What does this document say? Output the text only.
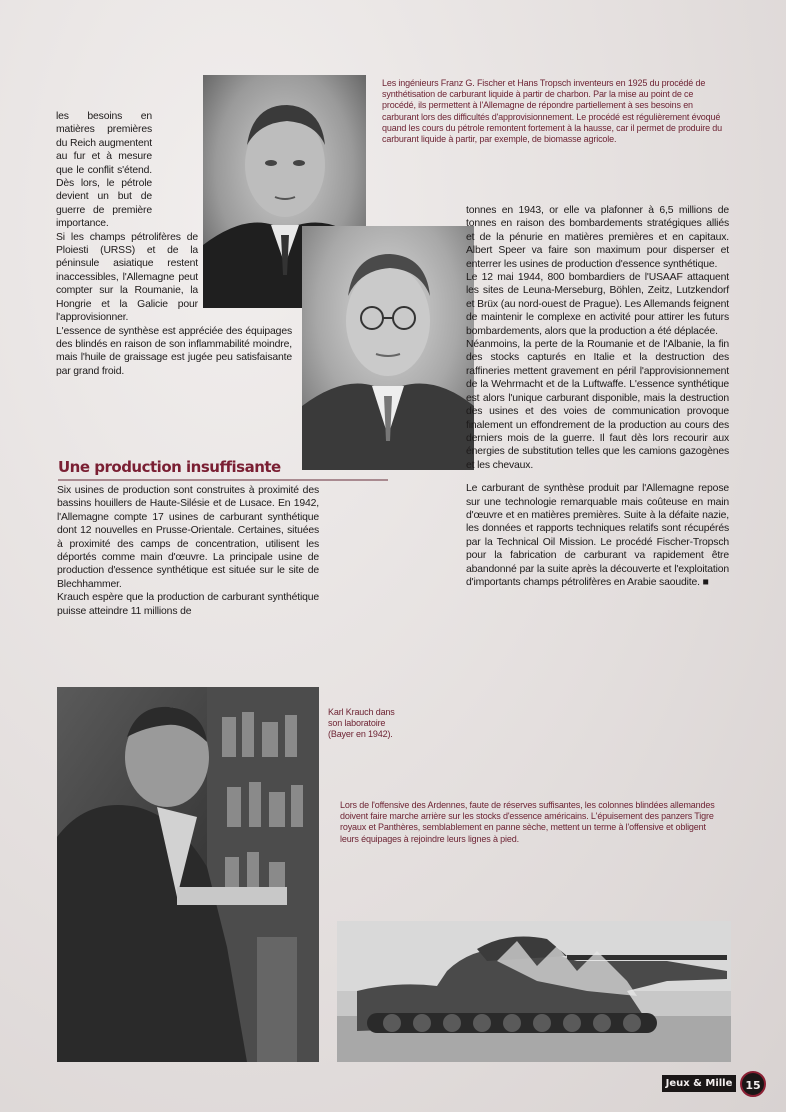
Les ingénieurs Franz G. Fischer et Hans Tropsch inventeurs en 1925 du procédé de synthétisation de carburant liquide à partir de charbon. Par la mise au point de ce procédé, ils permettent à l'Allemagne de répondre partiellement à ses besoins en carburant lors des difficultés d'approvisionnement. Le procédé est régulièrement évoqué quand les cours du pétrole remontent fortement à la hausse, car il permet de produire du carburant liquide à partir, par exemple, de biomasse agricole.
Karl Krauch dans son laboratoire (Bayer en 1942).
Lors de l'offensive des Ardennes, faute de réserves suffisantes, les colonnes blindées allemandes doivent faire marche arrière sur les stocks d'essence américains. L'épuisement des panzers Tigre royaux et Panthères, semblablement en panne sèche, mettent un terme à l'offensive et obligent leurs équipages à rejoindre leurs lignes à pied.

les besoins en matières premières du Reich augmentent au fur et à mesure que le conflit s'étend. Dès lors, le pétrole devient un but de guerre de première importance.

Si les champs pétrolifères de Ploiesti (URSS) et de la péninsule asiatique restent inaccessibles, l'Allemagne peut compter sur la Roumanie, la Hongrie et la Galicie pour l'approvisionner.

L'essence de synthèse est appréciée des équipages des blindés en raison de son inflammabilité moindre, mais l'huile de graissage est jugée peu satisfaisante par grand froid.

Une production insuffisante

Six usines de production sont construites à proximité des bassins houillers de Haute-Silésie et de Lusace. En 1942, l'Allemagne compte 17 usines de carburant synthétique dont 12 nouvelles en Prusse-Orientale. Certaines, situées à proximité des camps de concentration, utilisent les déportés comme main d'œuvre. La principale usine de production d'essence synthétique est située sur le site de Blechhammer.

Krauch espère que la production de carburant synthétique puisse atteindre 11 millions de

tonnes en 1943, or elle va plafonner à 6,5 millions de tonnes en raison des bombardements stratégiques alliés et de la pénurie en matières premières et en capitaux. Albert Speer va faire son maximum pour disperser et enterrer les usines de production d'essence synthétique.

Le 12 mai 1944, 800 bombardiers de l'USAAF attaquent les sites de Leuna-Merseburg, Böhlen, Zeitz, Lutzkendorf et Brüx (au nord-ouest de Prague). Les Allemands feignent de maintenir le complexe en activité pour attirer les futurs bombardements, alors que la production a été déplacée.

Néanmoins, la perte de la Roumanie et de l'Albanie, la fin des stocks capturés en Italie et la destruction des raffineries mettent gravement en péril l'approvisionnement de la Wehrmacht et de la Luftwaffe. L'essence synthétique est alors l'unique carburant disponible, mais la destruction des usines et des voies de communication provoque finalement un effondrement de la production au cours des derniers mois de la guerre. Il faut dès lors recourir aux énergies de substitution telles que les camions gazogènes et les chevaux.

Le carburant de synthèse produit par l'Allemagne repose sur une technologie remarquable mais coûteuse en main d'œuvre et en matières premières. Suite à la défaite nazie, les données et rapports techniques relatifs sont récupérés par la Technical Oil Mission. Le procédé Fischer-Tropsch pour la fabrication de carburant va rapidement être abandonné par la suite après la découverte et l'exploitation d'importants champs pétrolifères en Arabie saoudite. ■

Jeux & Mille	15
